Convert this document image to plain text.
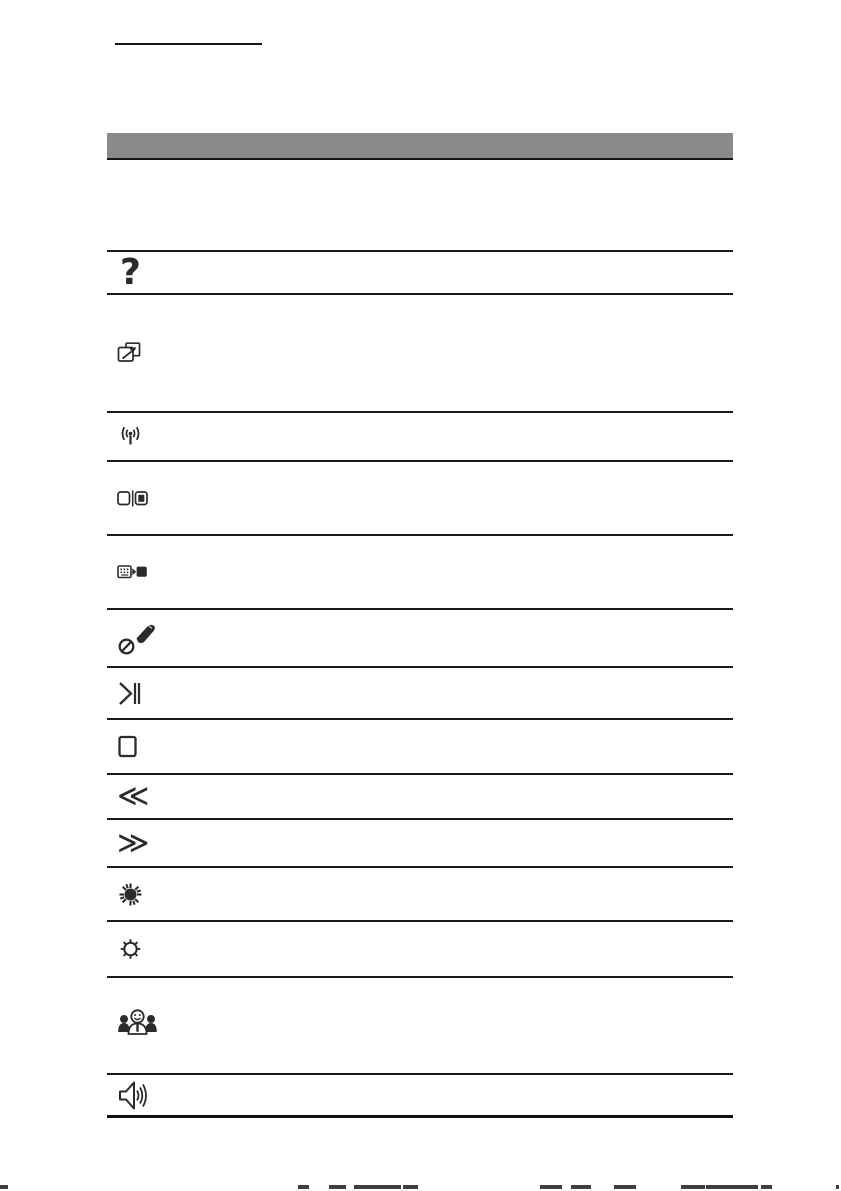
?
≪
≫
